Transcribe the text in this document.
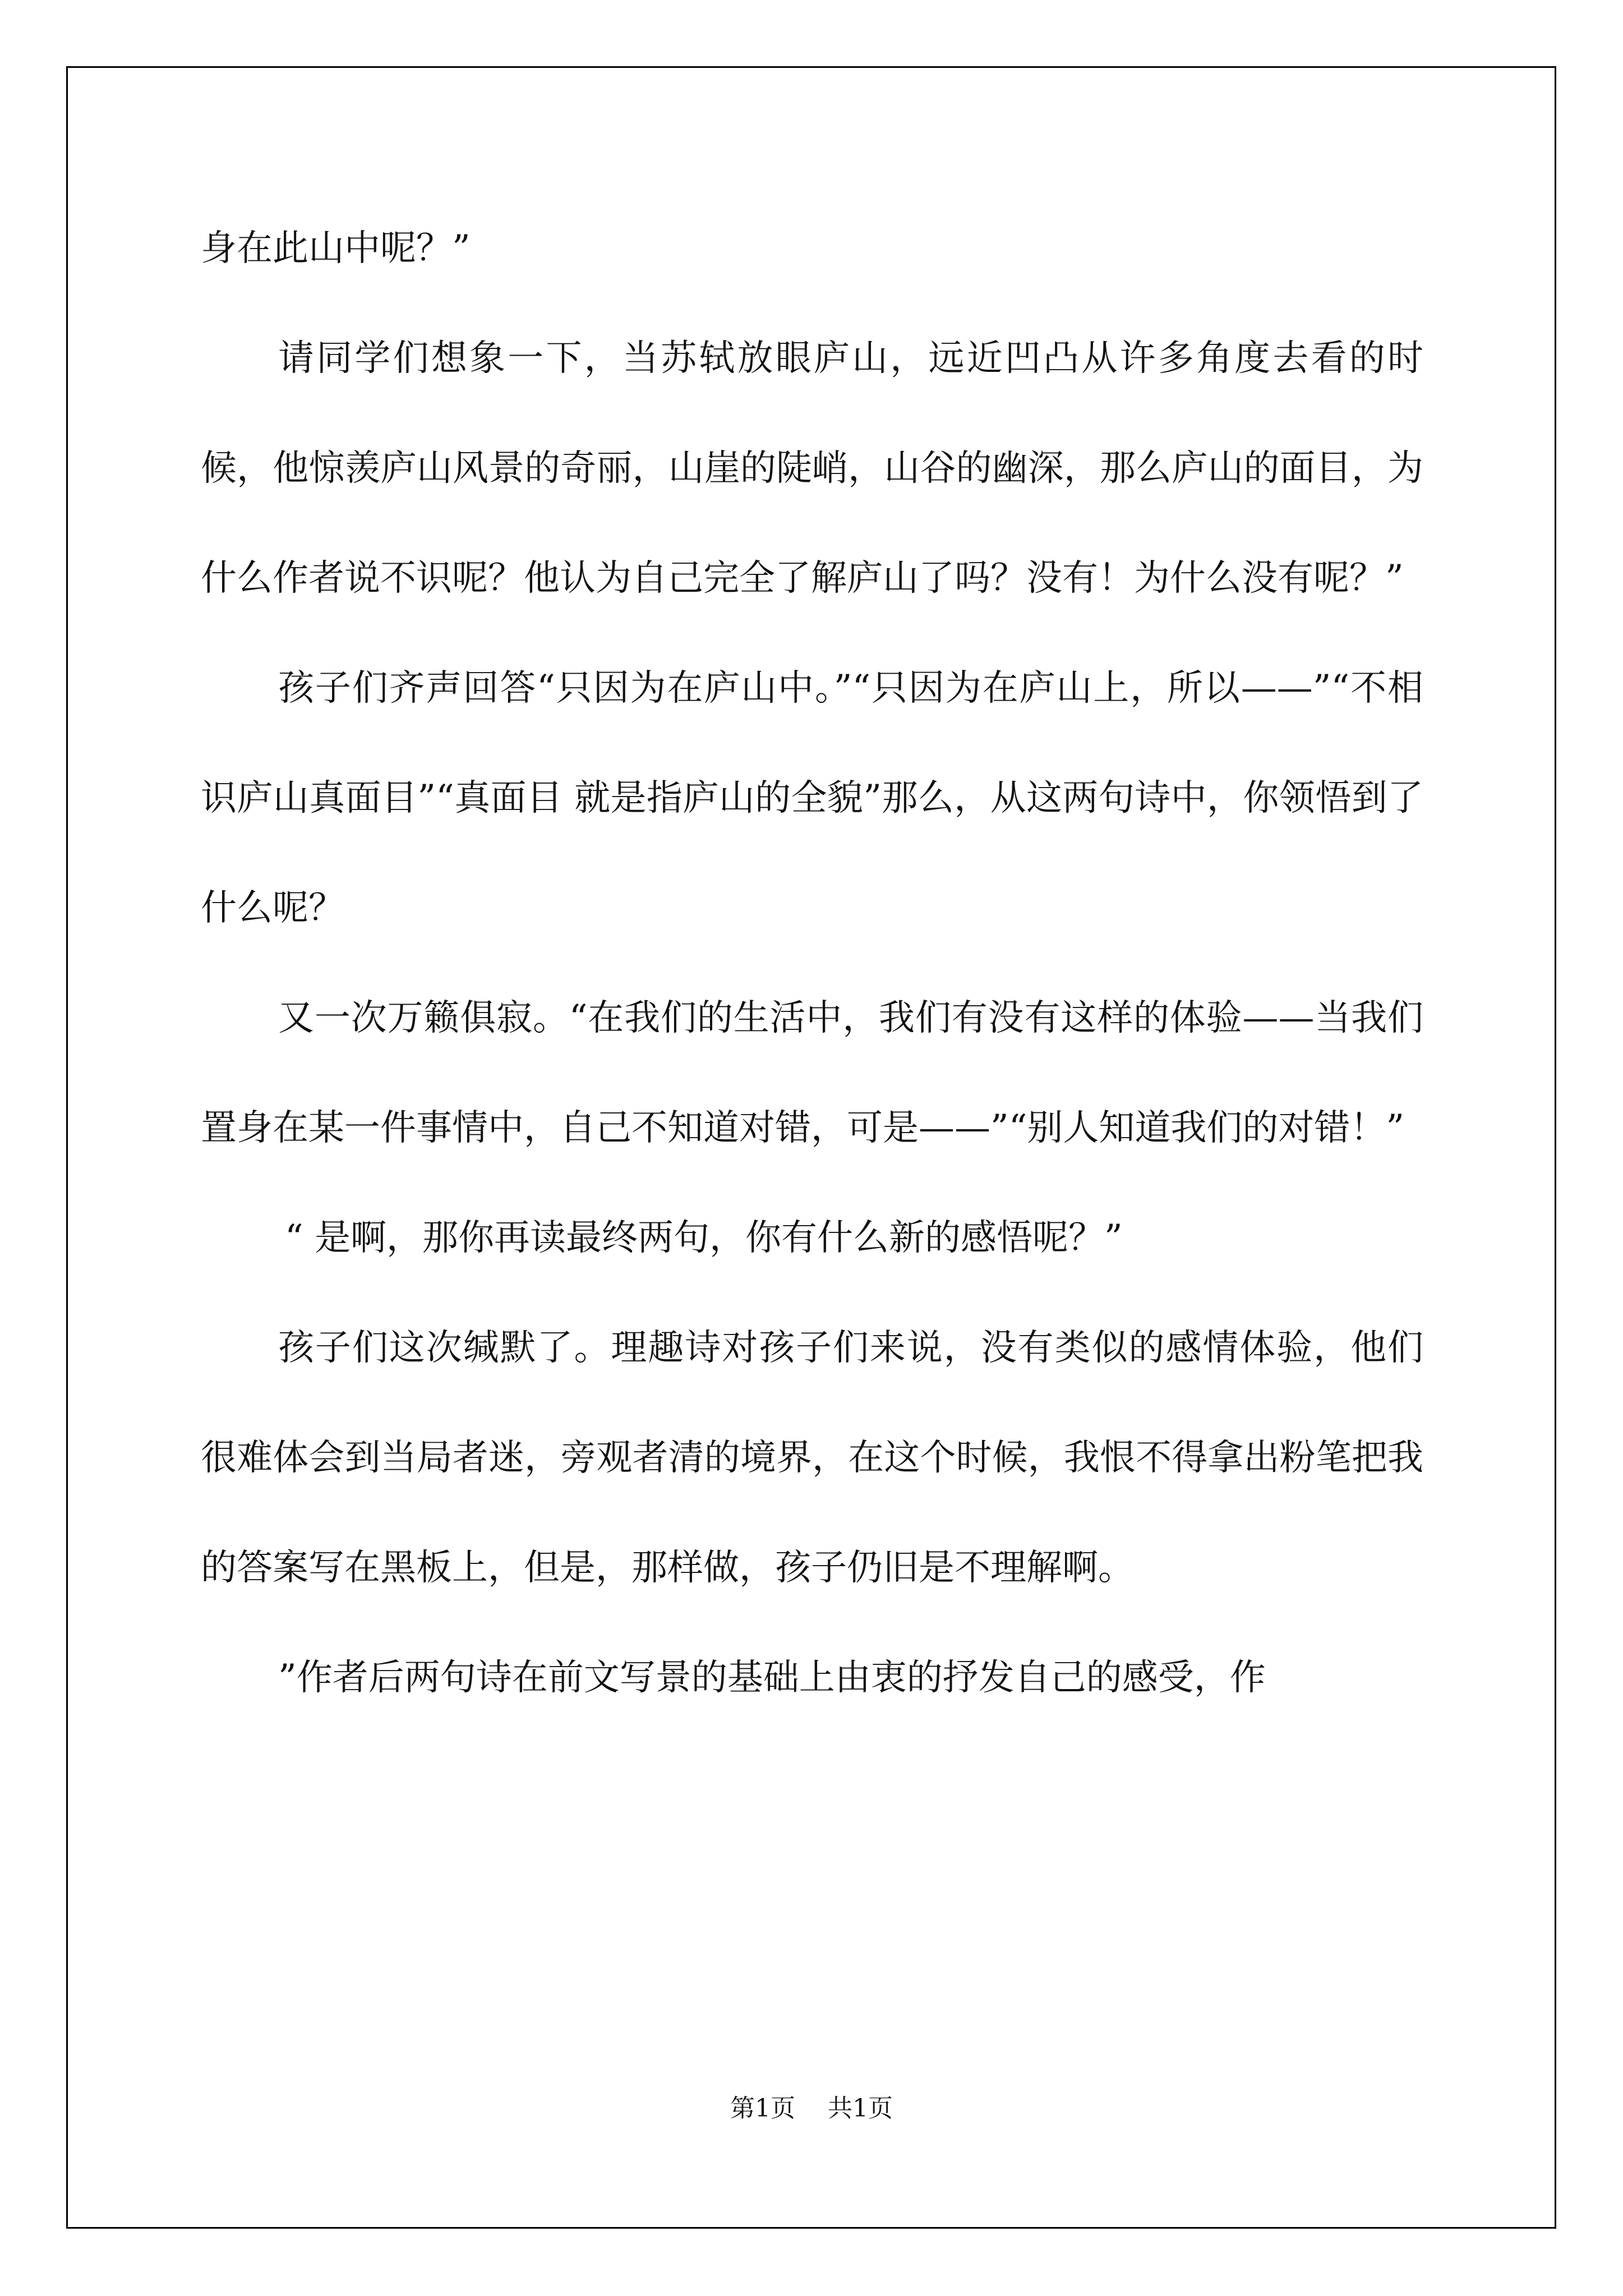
身在此山中呢？”

请同学们想象一下，当苏轼放眼庐山，远近凹凸从许多角度去看的时候，他惊羡庐山风景的奇丽，山崖的陡峭，山谷的幽深，那么庐山的面目，为什么作者说不识呢？他认为自己完全了解庐山了吗？没有！为什么没有呢？”

孩子们齐声回答“只因为在庐山中。”“只因为在庐山上，所以——”“不相识庐山真面目”“真面目 就是指庐山的全貌”那么，从这两句诗中，你领悟到了什么呢？

又一次万籁俱寂。“在我们的生活中，我们有没有这样的体验——当我们置身在某一件事情中，自己不知道对错，可是——”“别人知道我们的对错！”

“ 是啊，那你再读最终两句，你有什么新的感悟呢？”

孩子们这次缄默了。理趣诗对孩子们来说，没有类似的感情体验，他们很难体会到当局者迷，旁观者清的境界，在这个时候，我恨不得拿出粉笔把我的答案写在黑板上，但是，那样做，孩子仍旧是不理解啊。

”作者后两句诗在前文写景的基础上由衷的抒发自己的感受，作

第1页 共1页
